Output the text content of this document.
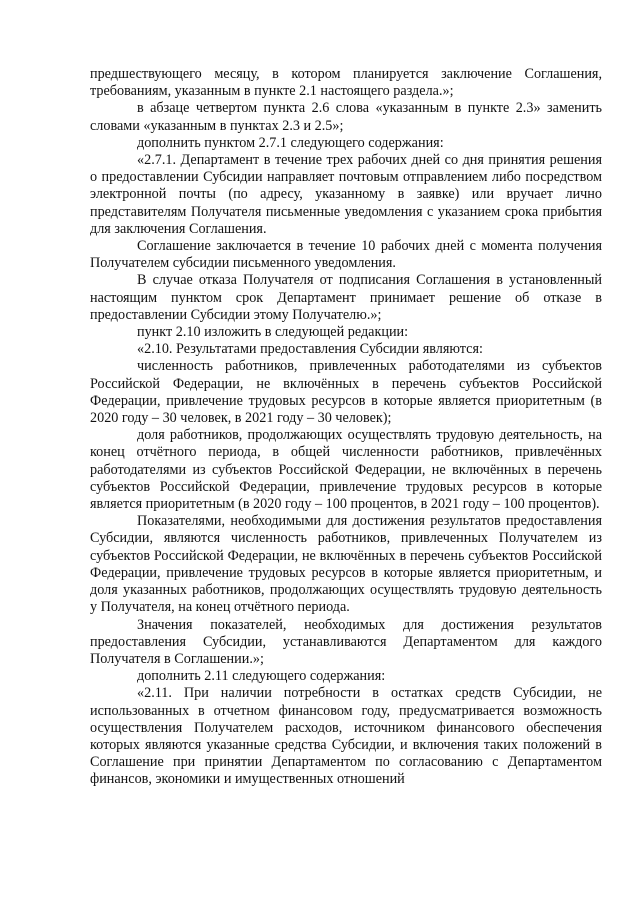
предшествующего месяцу, в котором планируется заключение Соглашения, требованиям, указанным в пункте 2.1 настоящего раздела.»;

в абзаце четвертом пункта 2.6 слова «указанным в пункте 2.3» заменить словами «указанным в пунктах 2.3 и 2.5»;

дополнить пунктом 2.7.1 следующего содержания:

«2.7.1. Департамент в течение трех рабочих дней со дня принятия решения о предоставлении Субсидии направляет почтовым отправлением либо посредством электронной почты (по адресу, указанному в заявке) или вручает лично представителям Получателя письменные уведомления с указанием срока прибытия для заключения Соглашения.

Соглашение заключается в течение 10 рабочих дней с момента получения Получателем субсидии письменного уведомления.

В случае отказа Получателя от подписания Соглашения в установленный настоящим пунктом срок Департамент принимает решение об отказе в предоставлении Субсидии этому Получателю.»;

пункт 2.10 изложить в следующей редакции:

«2.10. Результатами предоставления Субсидии являются:

численность работников, привлеченных работодателями из субъектов Российской Федерации, не включённых в перечень субъектов Российской Федерации, привлечение трудовых ресурсов в которые является приоритетным (в 2020 году – 30 человек, в 2021 году – 30 человек);

доля работников, продолжающих осуществлять трудовую деятельность, на конец отчётного периода, в общей численности работников, привлечённых работодателями из субъектов Российской Федерации, не включённых в перечень субъектов Российской Федерации, привлечение трудовых ресурсов в которые является приоритетным (в 2020 году – 100 процентов, в 2021 году – 100 процентов).

Показателями, необходимыми для достижения результатов предоставления Субсидии, являются численность работников, привлеченных Получателем из субъектов Российской Федерации, не включённых в перечень субъектов Российской Федерации, привлечение трудовых ресурсов в которые является приоритетным, и доля указанных работников, продолжающих осуществлять трудовую деятельность у Получателя, на конец отчётного периода.

Значения показателей, необходимых для достижения результатов предоставления Субсидии, устанавливаются Департаментом для каждого Получателя в Соглашении.»;

дополнить 2.11 следующего содержания:

«2.11. При наличии потребности в остатках средств Субсидии, не использованных в отчетном финансовом году, предусматривается возможность осуществления Получателем расходов, источником финансового обеспечения которых являются указанные средства Субсидии, и включения таких положений в Соглашение при принятии Департаментом по согласованию с Департаментом финансов, экономики и имущественных отношений
